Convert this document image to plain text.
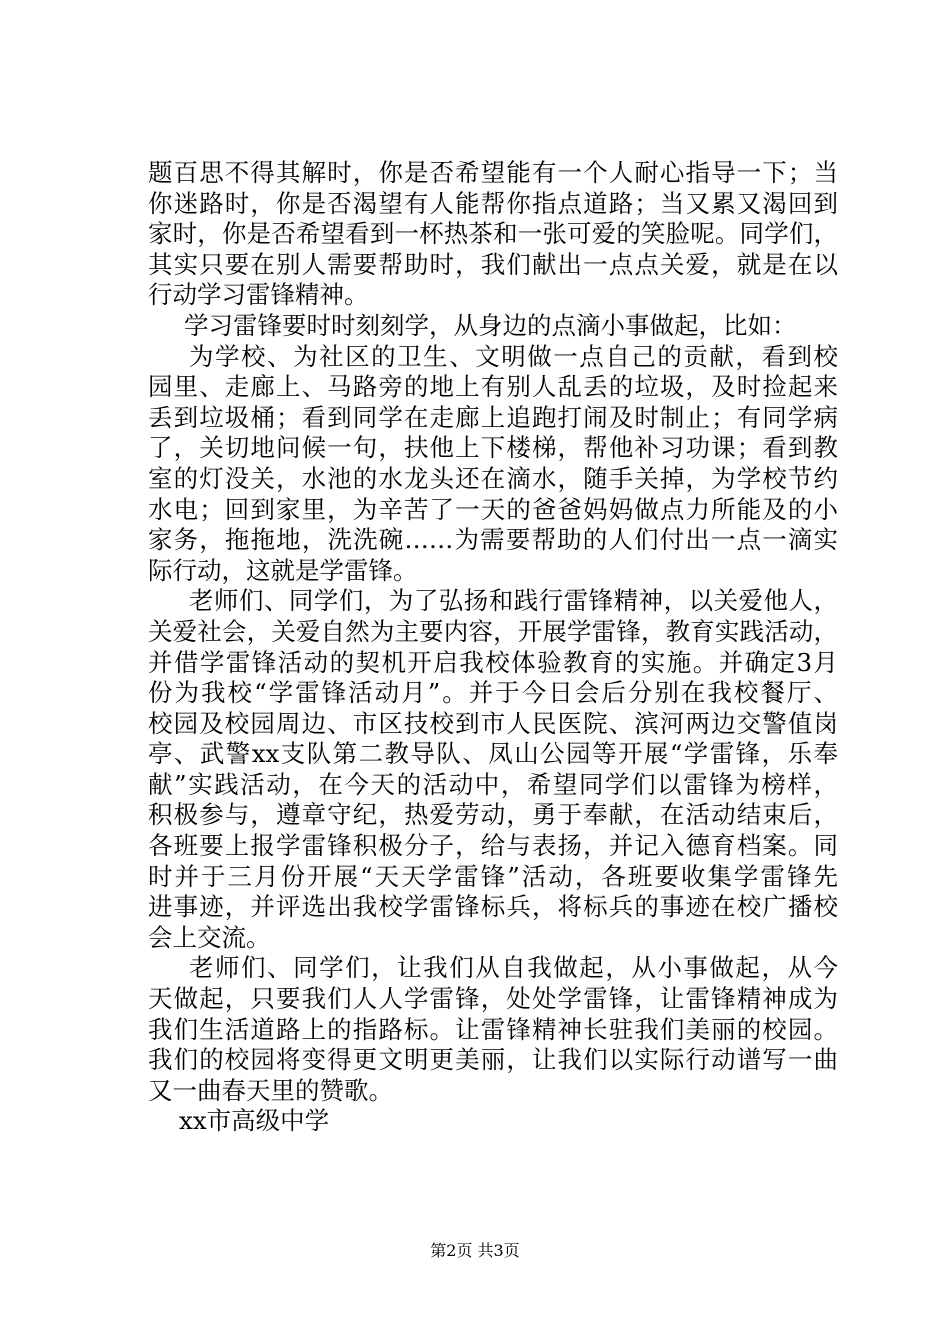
题百思不得其解时，你是否希望能有一个人耐心指导一下；当
你迷路时，你是否渴望有人能帮你指点道路；当又累又渴回到
家时，你是否希望看到一杯热茶和一张可爱的笑脸呢。同学们，
其实只要在别人需要帮助时，我们献出一点点关爱，就是在以
行动学习雷锋精神。
学习雷锋要时时刻刻学，从身边的点滴小事做起，比如：
为学校、为社区的卫生、文明做一点自己的贡献，看到校
园里、走廊上、马路旁的地上有别人乱丢的垃圾，及时捡起来
丢到垃圾桶；看到同学在走廊上追跑打闹及时制止；有同学病
了，关切地问候一句，扶他上下楼梯，帮他补习功课；看到教
室的灯没关，水池的水龙头还在滴水，随手关掉，为学校节约
水电；回到家里，为辛苦了一天的爸爸妈妈做点力所能及的小
家务，拖拖地，洗洗碗……为需要帮助的人们付出一点一滴实
际行动，这就是学雷锋。
老师们、同学们，为了弘扬和践行雷锋精神，以关爱他人，
关爱社会，关爱自然为主要内容，开展学雷锋，教育实践活动，
并借学雷锋活动的契机开启我校体验教育的实施。并确定3月
份为我校“学雷锋活动月”。并于今日会后分别在我校餐厅、
校园及校园周边、市区技校到市人民医院、滨河两边交警值岗
亭、武警xx支队第二教导队、凤山公园等开展“学雷锋，乐奉
献”实践活动，在今天的活动中，希望同学们以雷锋为榜样，
积极参与，遵章守纪，热爱劳动，勇于奉献，在活动结束后，
各班要上报学雷锋积极分子，给与表扬，并记入德育档案。同
时并于三月份开展“天天学雷锋”活动，各班要收集学雷锋先
进事迹，并评选出我校学雷锋标兵，将标兵的事迹在校广播校
会上交流。
老师们、同学们，让我们从自我做起，从小事做起，从今
天做起，只要我们人人学雷锋，处处学雷锋，让雷锋精神成为
我们生活道路上的指路标。让雷锋精神长驻我们美丽的校园。
我们的校园将变得更文明更美丽，让我们以实际行动谱写一曲
又一曲春天里的赞歌。
xx市高级中学
第2页 共3页
